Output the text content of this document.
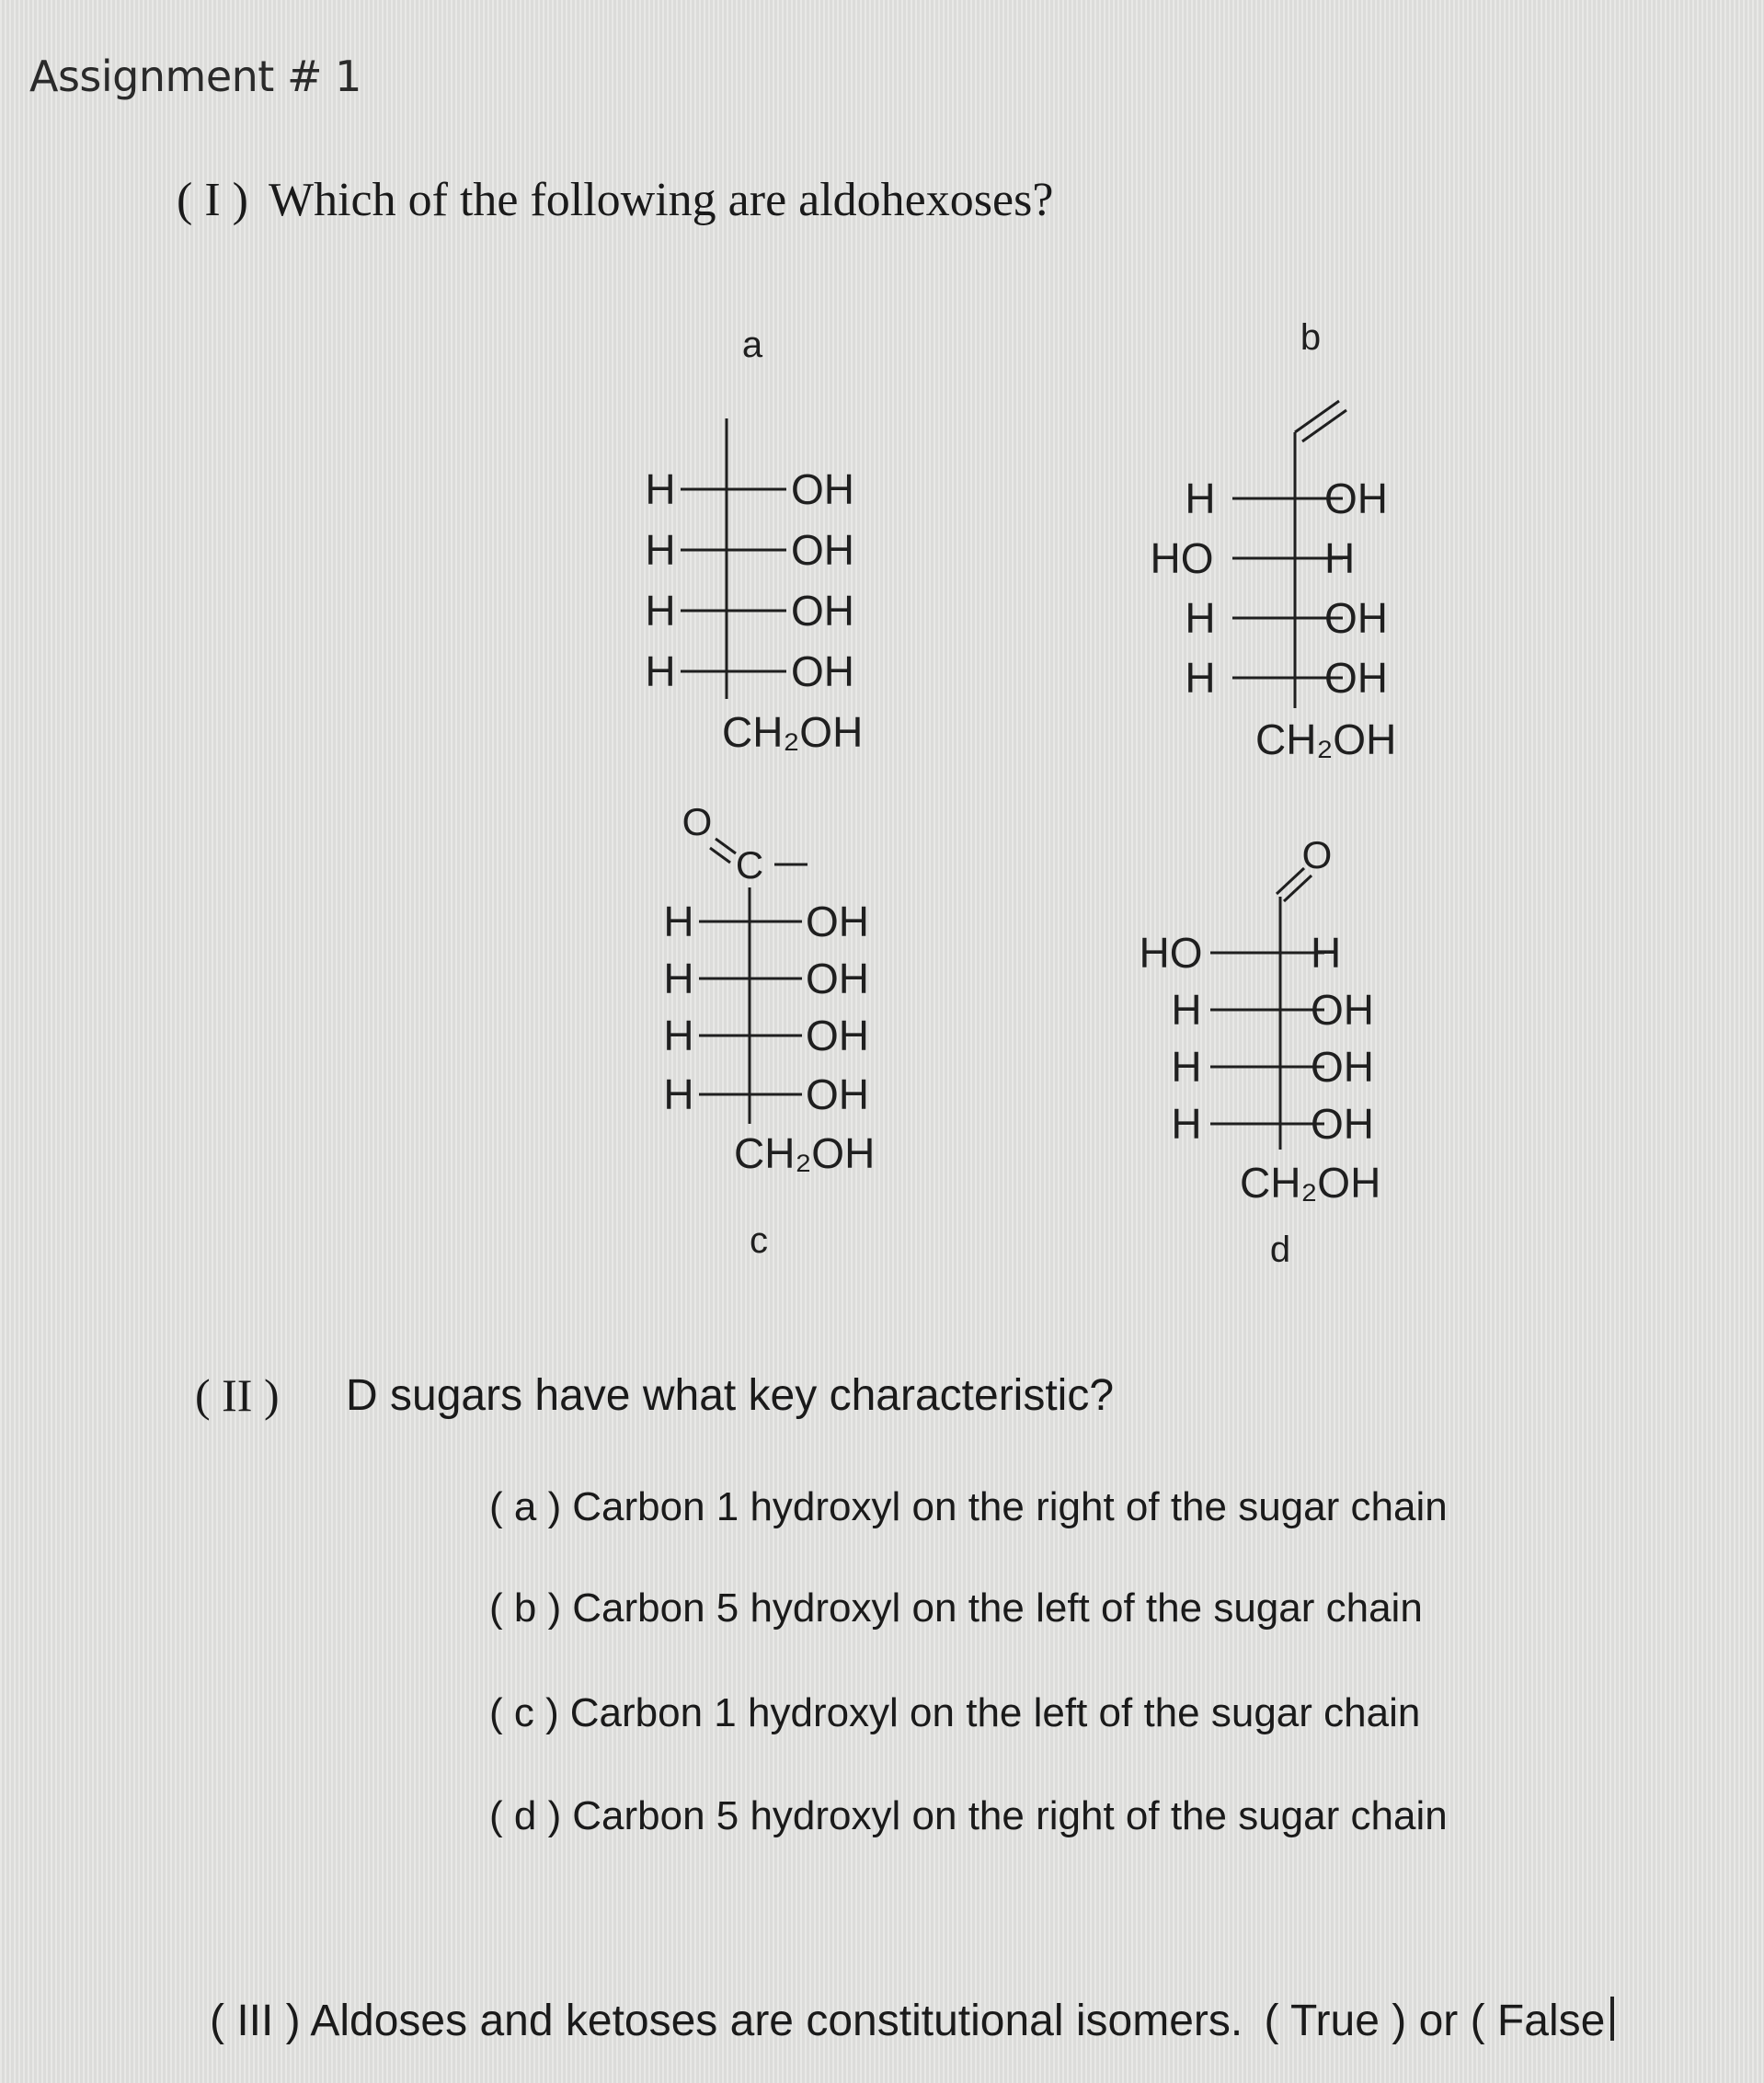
Assignment # 1
( I ) Which of the following are aldohexoses?
a
H	OH
H	OH
H	OH
H	OH
CH₂OH
b
H	OH
HO	H
H	OH
H	OH
CH₂OH
O
C
H	OH
H	OH
H	OH
H	OH
CH₂OH
c
O
HO	H
H	OH
H	OH
H	OH
CH₂OH
d
( II ) D sugars have what key characteristic?
( a ) Carbon 1 hydroxyl on the right of the sugar chain
( b ) Carbon 5 hydroxyl on the left of the sugar chain
( c ) Carbon 1 hydroxyl on the left of the sugar chain
( d ) Carbon 5 hydroxyl on the right of the sugar chain
( III ) Aldoses and ketoses are constitutional isomers. ( True ) or ( False
